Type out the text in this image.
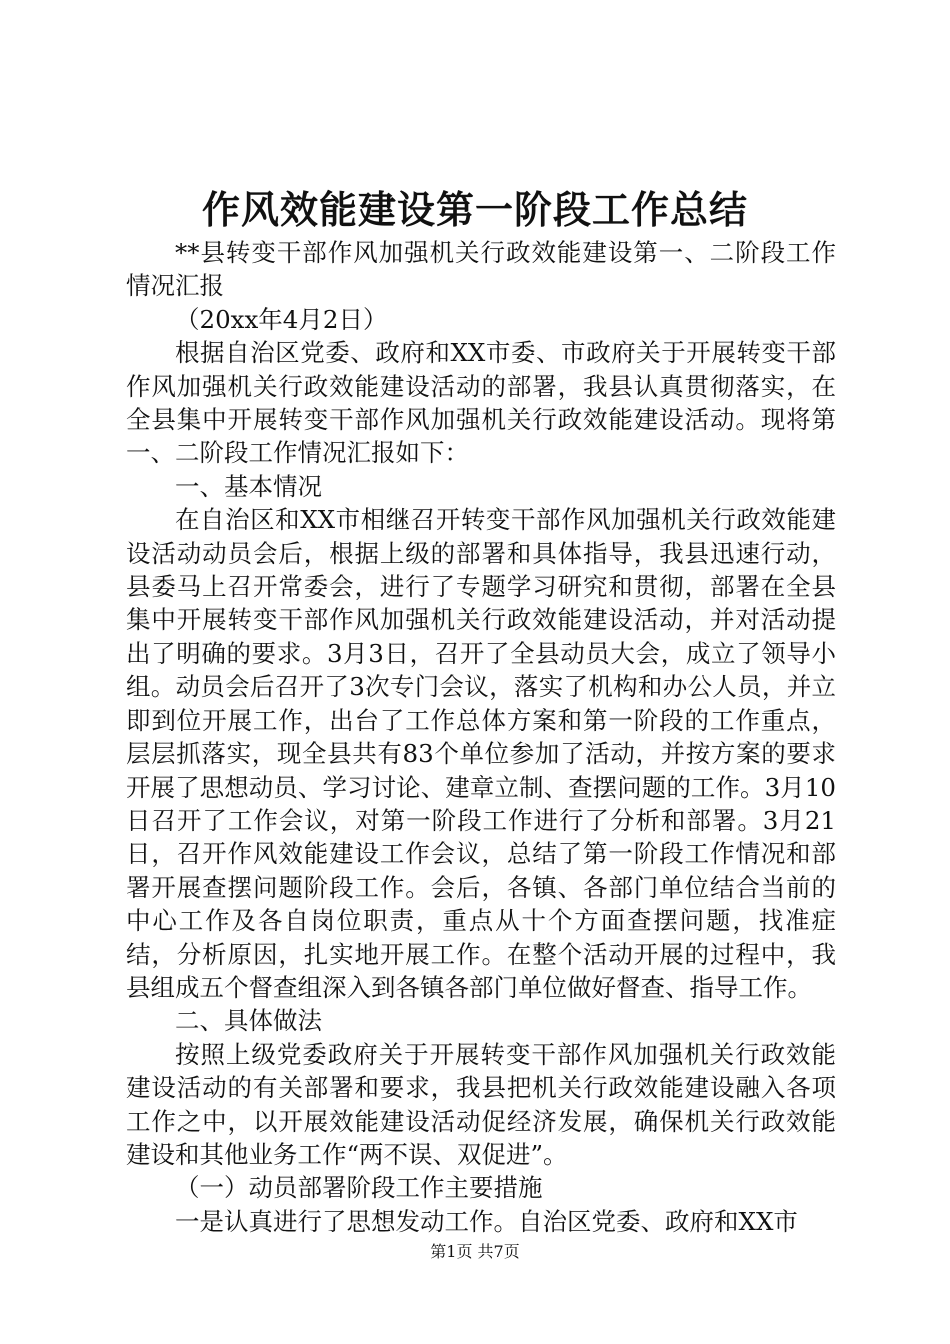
作风效能建设第一阶段工作总结

**县转变干部作风加强机关行政效能建设第一、二阶段工作情况汇报

（20xx年4月2日）

根据自治区党委、政府和XX市委、市政府关于开展转变干部作风加强机关行政效能建设活动的部署，我县认真贯彻落实，在全县集中开展转变干部作风加强机关行政效能建设活动。现将第一、二阶段工作情况汇报如下：

一、基本情况

在自治区和XX市相继召开转变干部作风加强机关行政效能建设活动动员会后，根据上级的部署和具体指导，我县迅速行动，县委马上召开常委会，进行了专题学习研究和贯彻，部署在全县集中开展转变干部作风加强机关行政效能建设活动，并对活动提出了明确的要求。3月3日，召开了全县动员大会，成立了领导小组。动员会后召开了3次专门会议，落实了机构和办公人员，并立即到位开展工作，出台了工作总体方案和第一阶段的工作重点，层层抓落实，现全县共有83个单位参加了活动，并按方案的要求开展了思想动员、学习讨论、建章立制、查摆问题的工作。3月10日召开了工作会议，对第一阶段工作进行了分析和部署。3月21日，召开作风效能建设工作会议，总结了第一阶段工作情况和部署开展查摆问题阶段工作。会后，各镇、各部门单位结合当前的中心工作及各自岗位职责，重点从十个方面查摆问题，找准症结，分析原因，扎实地开展工作。在整个活动开展的过程中，我县组成五个督查组深入到各镇各部门单位做好督查、指导工作。

二、具体做法

按照上级党委政府关于开展转变干部作风加强机关行政效能建设活动的有关部署和要求，我县把机关行政效能建设融入各项工作之中，以开展效能建设活动促经济发展，确保机关行政效能建设和其他业务工作“两不误、双促进”。

（一）动员部署阶段工作主要措施

一是认真进行了思想发动工作。自治区党委、政府和XX市

第1页 共7页
